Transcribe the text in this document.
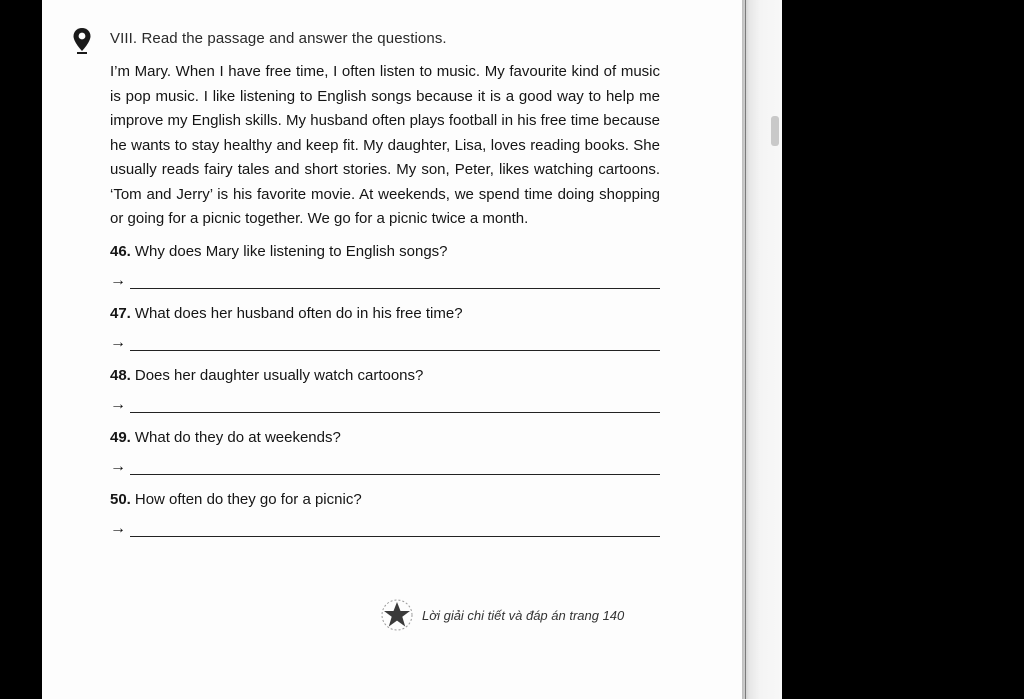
VIII. Read the passage and answer the questions.

I’m Mary. When I have free time, I often listen to music. My favourite kind of music is pop music. I like listening to English songs because it is a good way to help me improve my English skills. My husband often plays football in his free time because he wants to stay healthy and keep fit. My daughter, Lisa, loves reading books. She usually reads fairy tales and short stories. My son, Peter, likes watching cartoons. ‘Tom and Jerry’ is his favorite movie. At weekends, we spend time doing shopping or going for a picnic together. We go for a picnic twice a month.

46. Why does Mary like listening to English songs?
→
47. What does her husband often do in his free time?
→
48. Does her daughter usually watch cartoons?
→
49. What do they do at weekends?
→
50. How often do they go for a picnic?
→
Lời giải chi tiết và đáp án trang 140
